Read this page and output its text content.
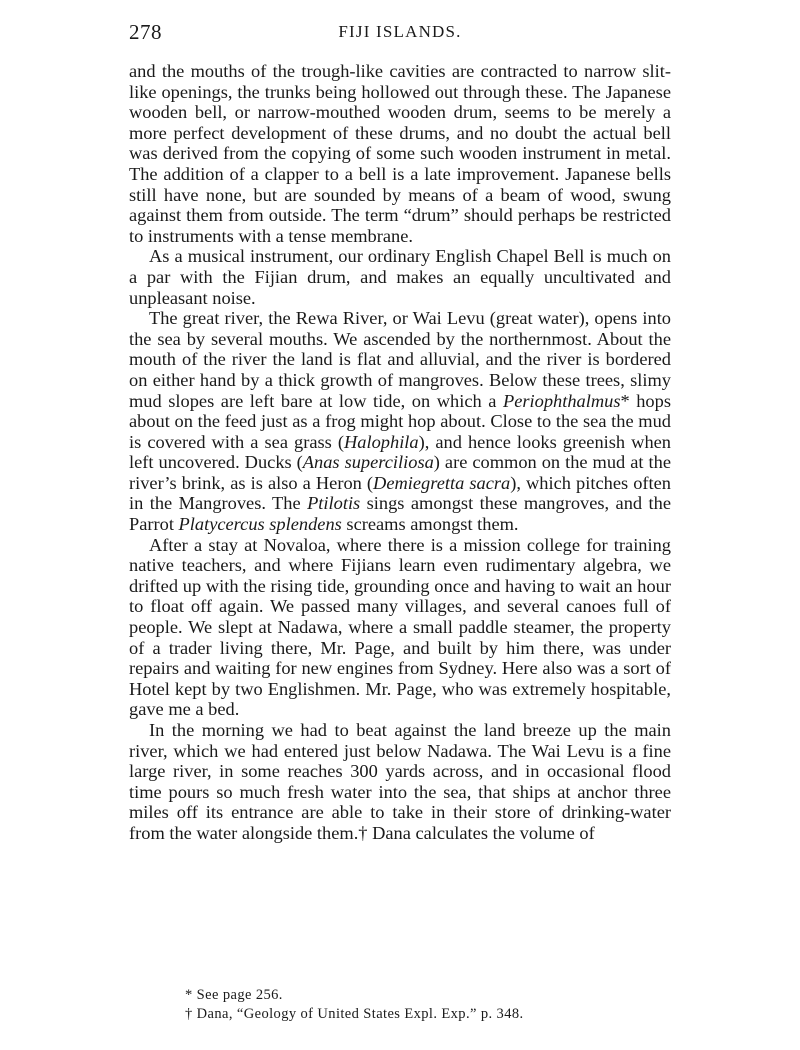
278	FIJI ISLANDS.

and the mouths of the trough-like cavities are contracted to narrow slit-like openings, the trunks being hollowed out through these. The Japanese wooden bell, or narrow-mouthed wooden drum, seems to be merely a more perfect development of these drums, and no doubt the actual bell was derived from the copying of some such wooden instrument in metal. The addition of a clapper to a bell is a late improvement. Japanese bells still have none, but are sounded by means of a beam of wood, swung against them from outside. The term “drum” should perhaps be restricted to instruments with a tense membrane.

As a musical instrument, our ordinary English Chapel Bell is much on a par with the Fijian drum, and makes an equally uncultivated and unpleasant noise.

The great river, the Rewa River, or Wai Levu (great water), opens into the sea by several mouths. We ascended by the northernmost. About the mouth of the river the land is flat and alluvial, and the river is bordered on either hand by a thick growth of mangroves. Below these trees, slimy mud slopes are left bare at low tide, on which a Periophthalmus* hops about on the feed just as a frog might hop about. Close to the sea the mud is covered with a sea grass (Halophila), and hence looks greenish when left uncovered. Ducks (Anas superciliosa) are common on the mud at the river’s brink, as is also a Heron (Demiegretta sacra), which pitches often in the Mangroves. The Ptilotis sings amongst these mangroves, and the Parrot Platycercus splendens screams amongst them.

After a stay at Novaloa, where there is a mission college for training native teachers, and where Fijians learn even rudimentary algebra, we drifted up with the rising tide, grounding once and having to wait an hour to float off again. We passed many villages, and several canoes full of people. We slept at Nadawa, where a small paddle steamer, the property of a trader living there, Mr. Page, and built by him there, was under repairs and waiting for new engines from Sydney. Here also was a sort of Hotel kept by two Englishmen. Mr. Page, who was extremely hospitable, gave me a bed.

In the morning we had to beat against the land breeze up the main river, which we had entered just below Nadawa. The Wai Levu is a fine large river, in some reaches 300 yards across, and in occasional flood time pours so much fresh water into the sea, that ships at anchor three miles off its entrance are able to take in their store of drinking-water from the water alongside them.† Dana calculates the volume of

* See page 256.

† Dana, “Geology of United States Expl. Exp.” p. 348.
